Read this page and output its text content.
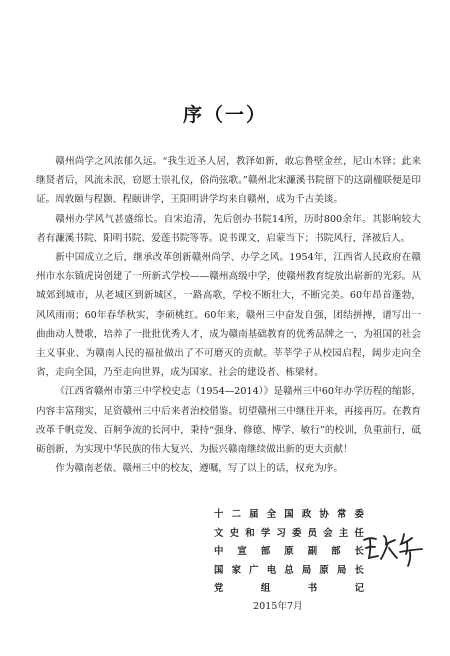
序（一）

赣州尚学之风浓郁久远。“我生近圣人居，教泽如新，敢忘鲁壁金丝，尼山木铎；此来继贤者后，风流未泯，窃愿士崇礼仪，俗尚弦歌。”赣州北宋濂溪书院留下的这副楹联便是印证。周敦颐与程颢、程颐讲学，王阳明讲学均来自赣州，成为千古美谈。

赣州办学风气甚盛绵长。自宋迨清，先后创办书院14所，历时800余年。其影响较大者有濂溪书院、阳明书院、爱莲书院等等。说书课文，启蒙当下；书院风行，泽被后人。

新中国成立之后，继承改革创新赣州尚学、办学之风。1954年，江西省人民政府在赣州市水东镇虎岗创建了一所新式学校——赣州高级中学，使赣州教育绽放出崭新的光彩。从城郊到城市，从老城区到新城区，一路高歌，学校不断壮大，不断完美。60年昂首蓬勃，风风雨雨；60年春华秋实，李硕桃红。60年来，赣州三中奋发自强，团结拼搏，谱写出一曲曲动人赞歌，培养了一批批优秀人才，成为赣南基础教育的优秀品牌之一，为祖国的社会主义事业、为赣南人民的福祉做出了不可磨灭的贡献。莘莘学子从校园启程，阔步走向全省，走向全国，乃至走向世界，成为国家、社会的建设者、栋梁材。

《江西省赣州市第三中学校史志（1954—2014）》是赣州三中60年办学历程的缩影，内容丰富翔实，足资赣州三中后来者治校借鉴。切望赣州三中继往开来，再接再厉。在教育改革千帆竞发、百舸争流的长河中，秉持“强身、修德、博学、敏行”的校训，负重前行，砥砺创新，为实现中华民族的伟大复兴、为振兴赣南继续做出新的更大贡献！

作为赣南老俵、赣州三中的校友，遵嘱，写了以上的话，权充为序。

十 二 届 全 国 政 协 常 委
文 史 和 学 习 委 员 会 主 任
中 宣 部 原 副 部 长
国 家 广 电 总 局 原 局 长
党	组	书	记
2015年7月
